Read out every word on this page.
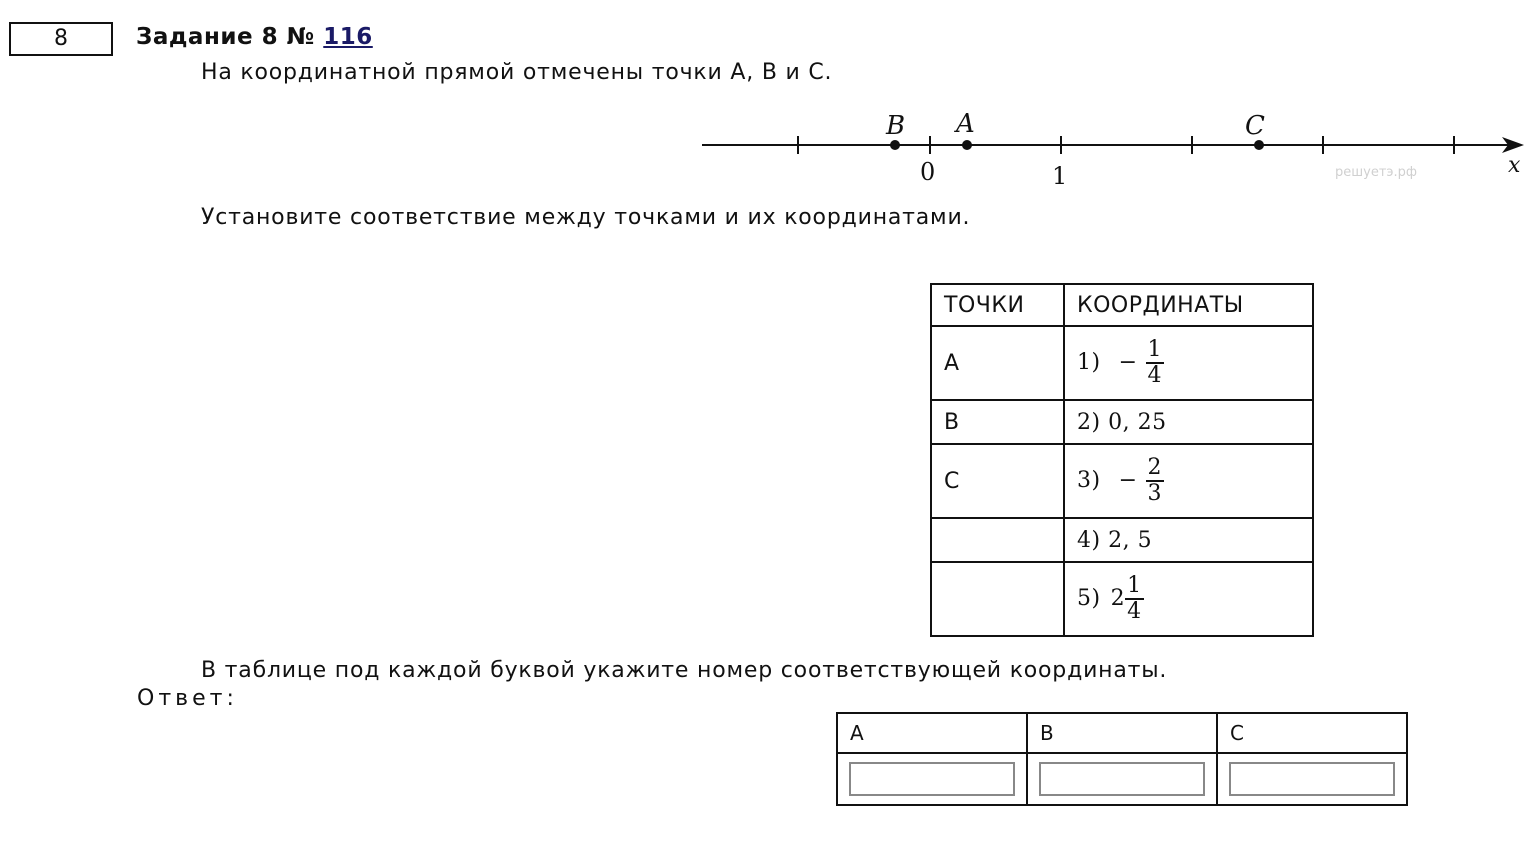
8	Задание 8 № 116
На координатной прямой отмечены точки A, B и C.
B A	C
0	1	x
решуетэ.рф
Установите соответствие между точками и их координатами.
ТОЧКИ	КООРДИНАТЫ
A	$1) - \frac{1}{4}$

B	2) 0, 25
C	$3) - \frac{2}{3}$

	4) 2, 5
	5) $2 \frac{1}{4}$
В таблице под каждой буквой укажите номер соответствующей координаты.
Ответ:
A	B	C
